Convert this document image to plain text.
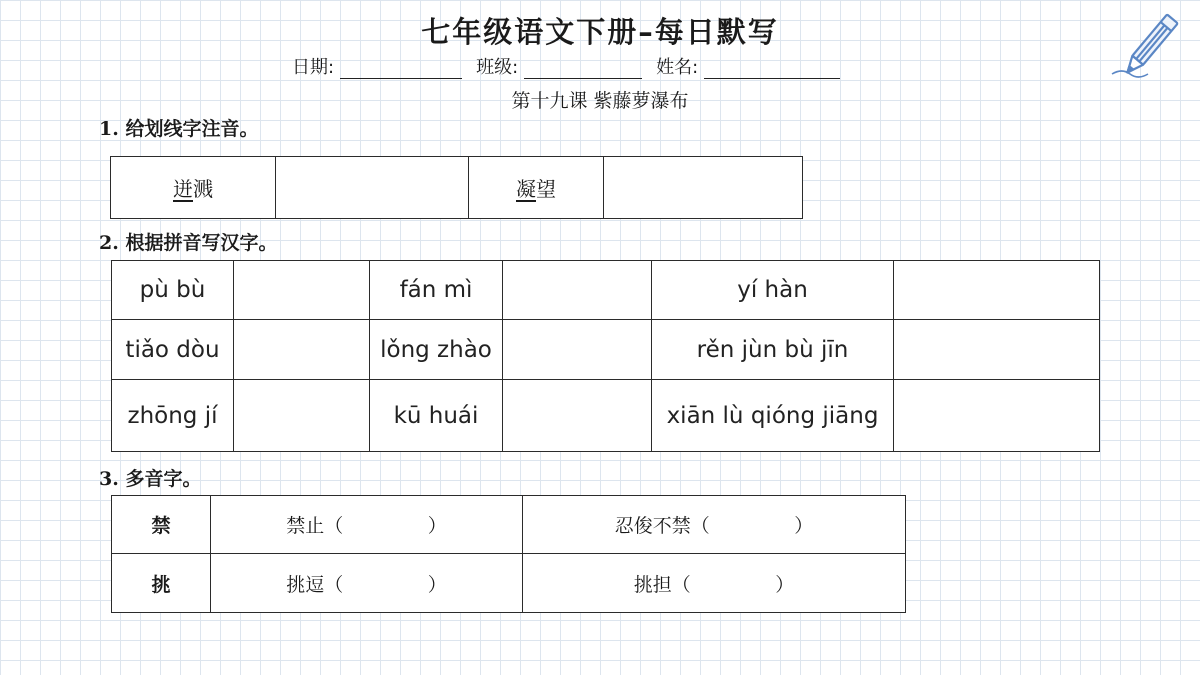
七年级语文下册–每日默写
日期:	班级:	姓名:
第十九课 紫藤萝瀑布
1. 给划线字注音。
迸溅		凝望	
2. 根据拼音写汉字。
pù bù		fán mì		yí hàn	
tiǎo dòu		lǒng zhào		rěn jùn bù jīn	
zhōng jí		kū huái		xiān lù qióng jiāng	
3. 多音字。
禁	禁止（ ）	忍俊不禁（ ）
挑	挑逗（ ）	挑担（ ）
